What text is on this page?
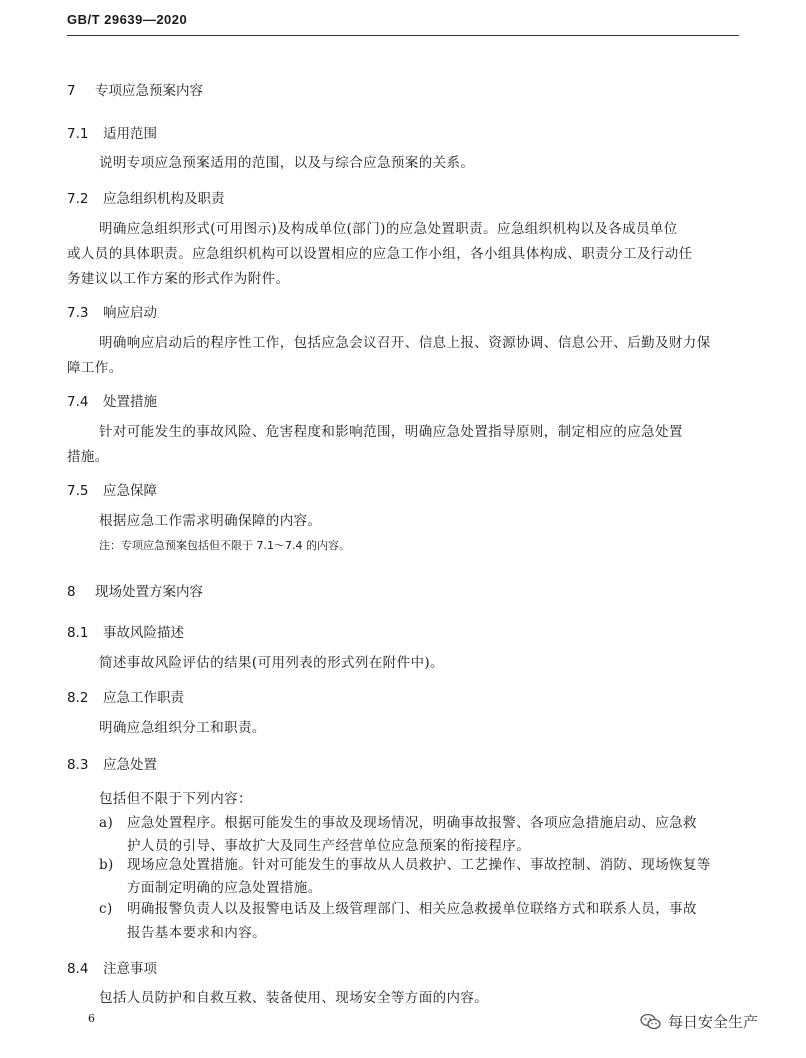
GB/T 29639—2020
7 专项应急预案内容
7.1 适用范围
说明专项应急预案适用的范围，以及与综合应急预案的关系。
7.2 应急组织机构及职责
明确应急组织形式(可用图示)及构成单位(部门)的应急处置职责。应急组织机构以及各成员单位
或人员的具体职责。应急组织机构可以设置相应的应急工作小组，各小组具体构成、职责分工及行动任
务建议以工作方案的形式作为附件。
7.3 响应启动
明确响应启动后的程序性工作，包括应急会议召开、信息上报、资源协调、信息公开、后勤及财力保
障工作。
7.4 处置措施
针对可能发生的事故风险、危害程度和影响范围，明确应急处置指导原则，制定相应的应急处置
措施。
7.5 应急保障
根据应急工作需求明确保障的内容。
注：专项应急预案包括但不限于 7.1～7.4 的内容。
8 现场处置方案内容
8.1 事故风险描述
简述事故风险评估的结果(可用列表的形式列在附件中)。
8.2 应急工作职责
明确应急组织分工和职责。
8.3 应急处置
包括但不限于下列内容：
a) 应急处置程序。根据可能发生的事故及现场情况，明确事故报警、各项应急措施启动、应急救
护人员的引导、事故扩大及同生产经营单位应急预案的衔接程序。
b) 现场应急处置措施。针对可能发生的事故从人员救护、工艺操作、事故控制、消防、现场恢复等
方面制定明确的应急处置措施。
c) 明确报警负责人以及报警电话及上级管理部门、相关应急救援单位联络方式和联系人员，事故
报告基本要求和内容。
8.4 注意事项
包括人员防护和自救互救、装备使用、现场安全等方面的内容。
6	每日安全生产
